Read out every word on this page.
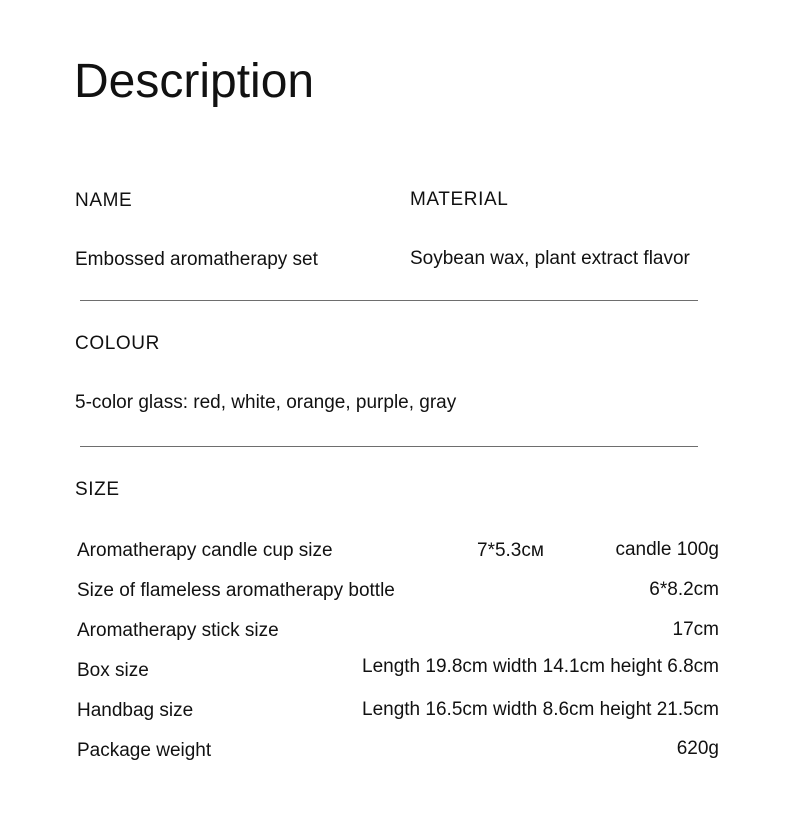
Description
NAME	MATERIAL
Embossed aromatherapy set	Soybean wax, plant extract flavor
COLOUR
5-color glass: red, white, orange, purple, gray
SIZE
Aromatherapy candle cup size	7*5.3см	candle 100g
Size of flameless aromatherapy bottle	6*8.2cm
Aromatherapy stick size	17cm
Box size	Length 19.8cm width 14.1cm height 6.8cm
Handbag size	Length 16.5cm width 8.6cm height 21.5cm
Package weight	620g
